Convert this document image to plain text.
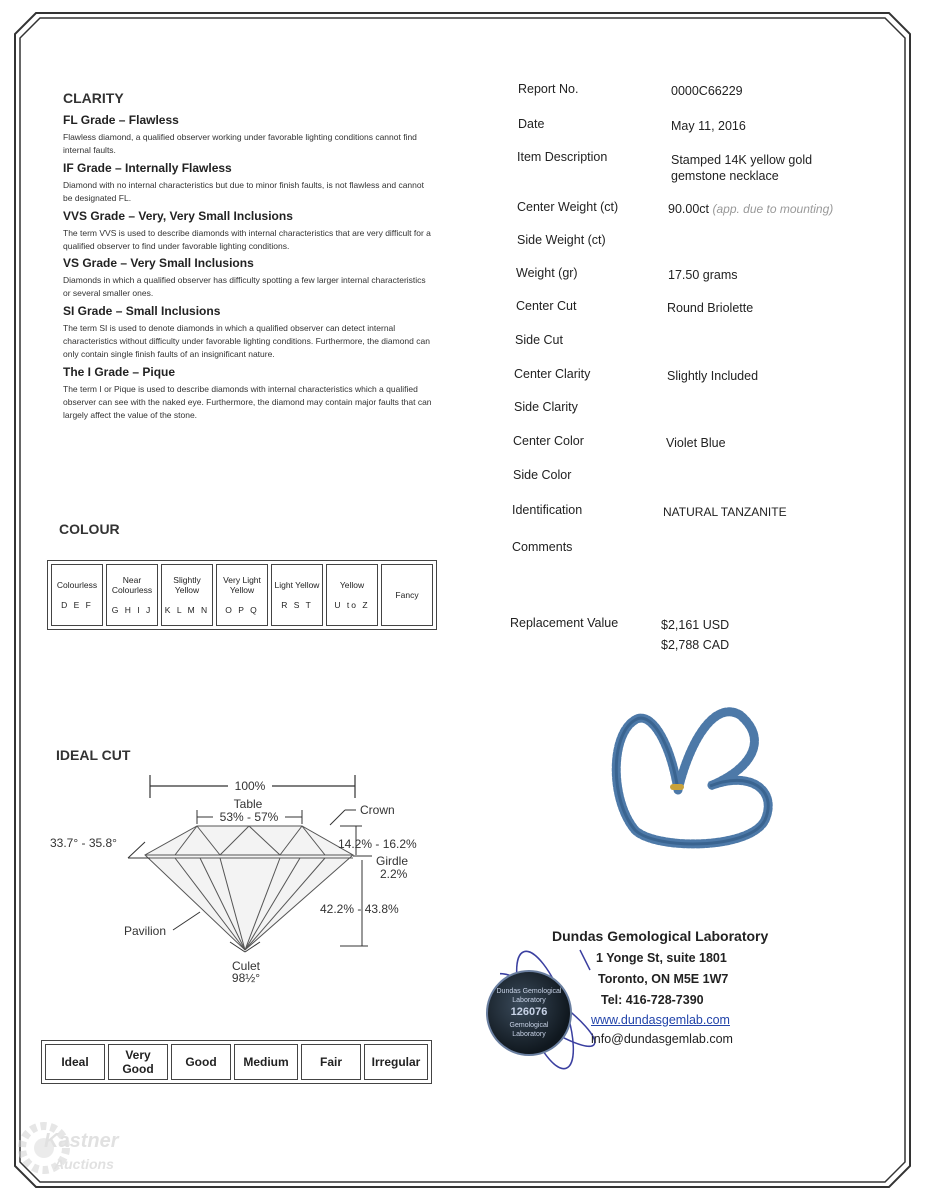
CLARITY
FL Grade – Flawless
Flawless diamond, a qualified observer working under favorable lighting conditions cannot find internal faults.
IF Grade – Internally Flawless
Diamond with no internal characteristics but due to minor finish faults, is not flawless and cannot be designated FL.
VVS Grade – Very, Very Small Inclusions
The term VVS is used to describe diamonds with internal characteristics that are very difficult for a qualified observer to find under favorable lighting conditions.
VS Grade – Very Small Inclusions
Diamonds in which a qualified observer has difficulty spotting a few larger internal characteristics or several smaller ones.
SI Grade – Small Inclusions
The term SI is used to denote diamonds in which a qualified observer can detect internal characteristics without difficulty under favorable lighting conditions. Furthermore, the diamond can only contain single finish faults of an insignificant nature.
The I Grade – Pique
The term I or Pique is used to describe diamonds with internal characteristics which a qualified observer can see with the naked eye. Furthermore, the diamond may contain major faults that can largely affect the value of the stone.
COLOUR
Colourless
D E F

Near Colourless
G H I J

Slightly Yellow
K L M N

Very Light Yellow
O P Q

Light Yellow
R S T

Yellow
U to Z

Fancy
IDEAL CUT
100%
Table
53% - 57%	Crown
33.7° - 35.8°	14.2% - 16.2%
Girdle
2.2%
42.2% - 43.8%
Pavilion
Culet
98½°
Ideal	Very Good	Good	Medium	Fair	Irregular
Report No.	0000C66229
Date	May 11, 2016
Item Description	Stamped 14K yellow gold gemstone necklace
Center Weight (ct)	90.00ct (app. due to mounting)
Side Weight (ct)
Weight (gr)	17.50 grams
Center Cut	Round Briolette
Side Cut
Center Clarity	Slightly Included
Side Clarity
Center Color	Violet Blue
Side Color
Identification	NATURAL TANZANITE
Comments
Replacement Value	$2,161 USD
$2,788 CAD
Dundas Gemological
Laboratory
126076
Gemological
Laboratory
Dundas Gemological Laboratory
1 Yonge St, suite 1801
Toronto, ON M5E 1W7
Tel: 416-728-7390
www.dundasgemlab.com
info@dundasgemlab.com
Kastner
Auctions
